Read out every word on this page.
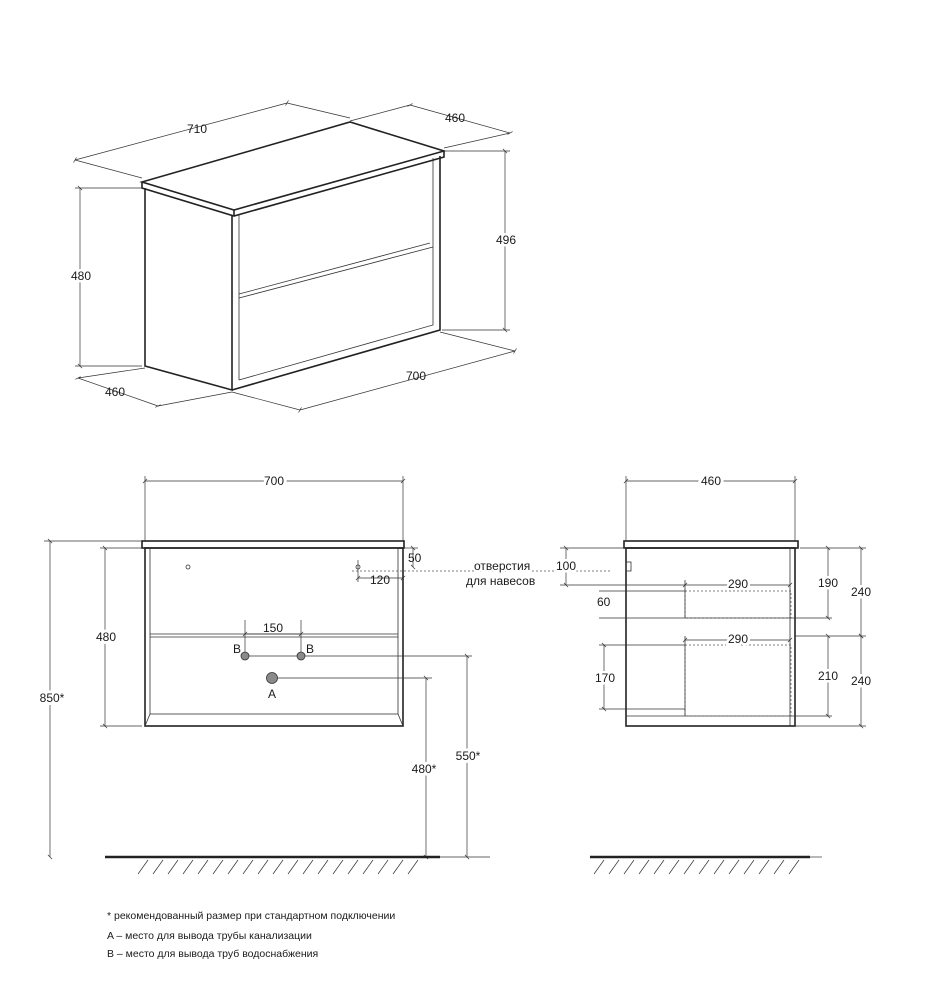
710
460
496
480
460
700
700
50
120
отверстия
для навесов
480
850*
150
B	B
A
480*
550*
460
100
290
290
60
170
190
210
240
240
* рекомендованный размер при стандартном подключении
A – место для вывода трубы канализации
B – место для вывода труб водоснабжения
